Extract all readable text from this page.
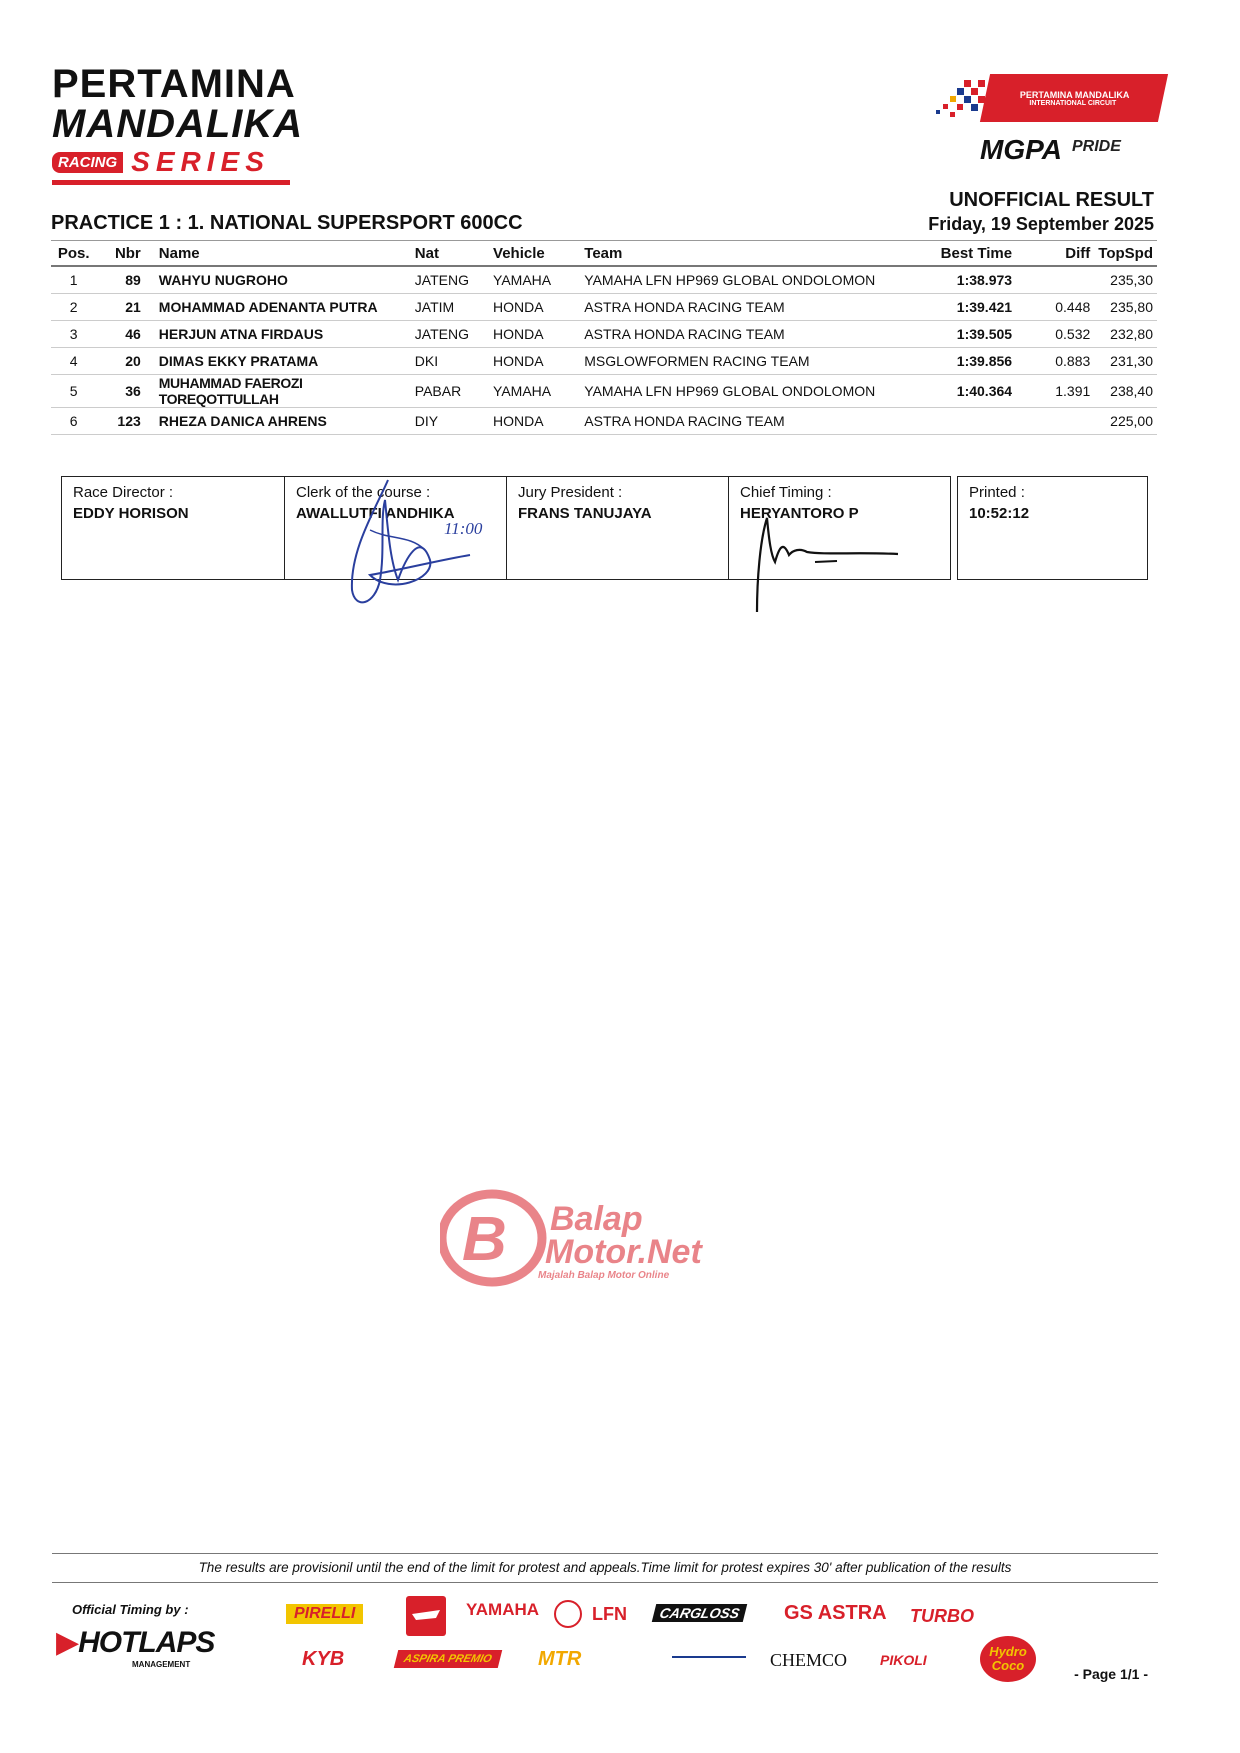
PERTAMINA
MANDALIKA
RACING SERIES
PERTAMINA MANDALIKA
INTERNATIONAL CIRCUIT
MGPA PRIDE
UNOFFICIAL RESULT
PRACTICE 1 : 1. NATIONAL SUPERSPORT 600CC	Friday, 19 September 2025
Pos.	Nbr	Name	Nat	Vehicle	Team	Best Time	Diff	TopSpd
1	89	WAHYU NUGROHO	JATENG	YAMAHA	YAMAHA LFN HP969 GLOBAL ONDOLOMON	1:38.973		235,30
2	21	MOHAMMAD ADENANTA PUTRA	JATIM	HONDA	ASTRA HONDA RACING TEAM	1:39.421	0.448	235,80
3	46	HERJUN ATNA FIRDAUS	JATENG	HONDA	ASTRA HONDA RACING TEAM	1:39.505	0.532	232,80
4	20	DIMAS EKKY PRATAMA	DKI	HONDA	MSGLOWFORMEN RACING TEAM	1:39.856	0.883	231,30
5	36	MUHAMMAD FAEROZI TOREQOTTULLAH	PABAR	YAMAHA	YAMAHA LFN HP969 GLOBAL ONDOLOMON	1:40.364	1.391	238,40
6	123	RHEZA DANICA AHRENS	DIY	HONDA	ASTRA HONDA RACING TEAM			225,00
Race Director :
EDDY HORISON
Clerk of the course :
AWALLUTFI ANDHIKA
Jury President :
FRANS TANUJAYA
Chief Timing :
HERYANTORO P
Printed :
10:52:12
11:00
B Balap
Motor.Net
Majalah Balap Motor Online
The results are provisionil until the end of the limit for protest and appeals.Time limit for protest expires 30' after publication of the results
Official Timing by :
▶HOTLAPS
MANAGEMENT
PIRELLI	YAMAHA	LFN	CARGLOSS	GS ASTRA TURBO
KYB	ASPIRA PREMIO	MTR	CHEMCO PIKOLI
Hydro Coco
- Page 1/1 -
